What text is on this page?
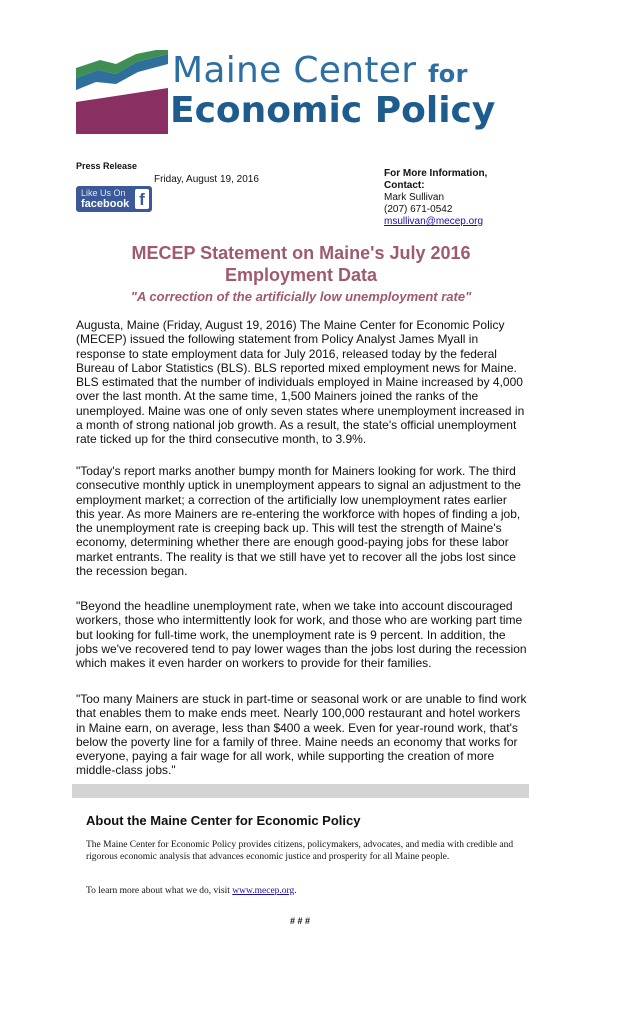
Maine Center for
Economic Policy
Press Release
Friday, August 19, 2016
Like Us On
facebook f
For More Information,
Contact:
Mark Sullivan
(207) 671-0542
msullivan@mecep.org
MECEP Statement on Maine's July 2016
Employment Data
"A correction of the artificially low unemployment rate"
Augusta, Maine (Friday, August 19, 2016) The Maine Center for Economic Policy (MECEP) issued the following statement from Policy Analyst James Myall in response to state employment data for July 2016, released today by the federal Bureau of Labor Statistics (BLS). BLS reported mixed employment news for Maine. BLS estimated that the number of individuals employed in Maine increased by 4,000 over the last month. At the same time, 1,500 Mainers joined the ranks of the unemployed. Maine was one of only seven states where unemployment increased in a month of strong national job growth. As a result, the state's official unemployment rate ticked up for the third consecutive month, to 3.9%.
"Today's report marks another bumpy month for Mainers looking for work. The third consecutive monthly uptick in unemployment appears to signal an adjustment to the employment market; a correction of the artificially low unemployment rates earlier this year. As more Mainers are re-entering the workforce with hopes of finding a job, the unemployment rate is creeping back up. This will test the strength of Maine's economy, determining whether there are enough good-paying jobs for these labor market entrants. The reality is that we still have yet to recover all the jobs lost since the recession began.
"Beyond the headline unemployment rate, when we take into account discouraged workers, those who intermittently look for work, and those who are working part time but looking for full-time work, the unemployment rate is 9 percent. In addition, the jobs we've recovered tend to pay lower wages than the jobs lost during the recession which makes it even harder on workers to provide for their families.
"Too many Mainers are stuck in part-time or seasonal work or are unable to find work that enables them to make ends meet. Nearly 100,000 restaurant and hotel workers in Maine earn, on average, less than $400 a week. Even for year-round work, that's below the poverty line for a family of three. Maine needs an economy that works for everyone, paying a fair wage for all work, while supporting the creation of more middle-class jobs."
About the Maine Center for Economic Policy
The Maine Center for Economic Policy provides citizens, policymakers, advocates, and media with credible and rigorous economic analysis that advances economic justice and prosperity for all Maine people.
To learn more about what we do, visit www.mecep.org.
# # #
